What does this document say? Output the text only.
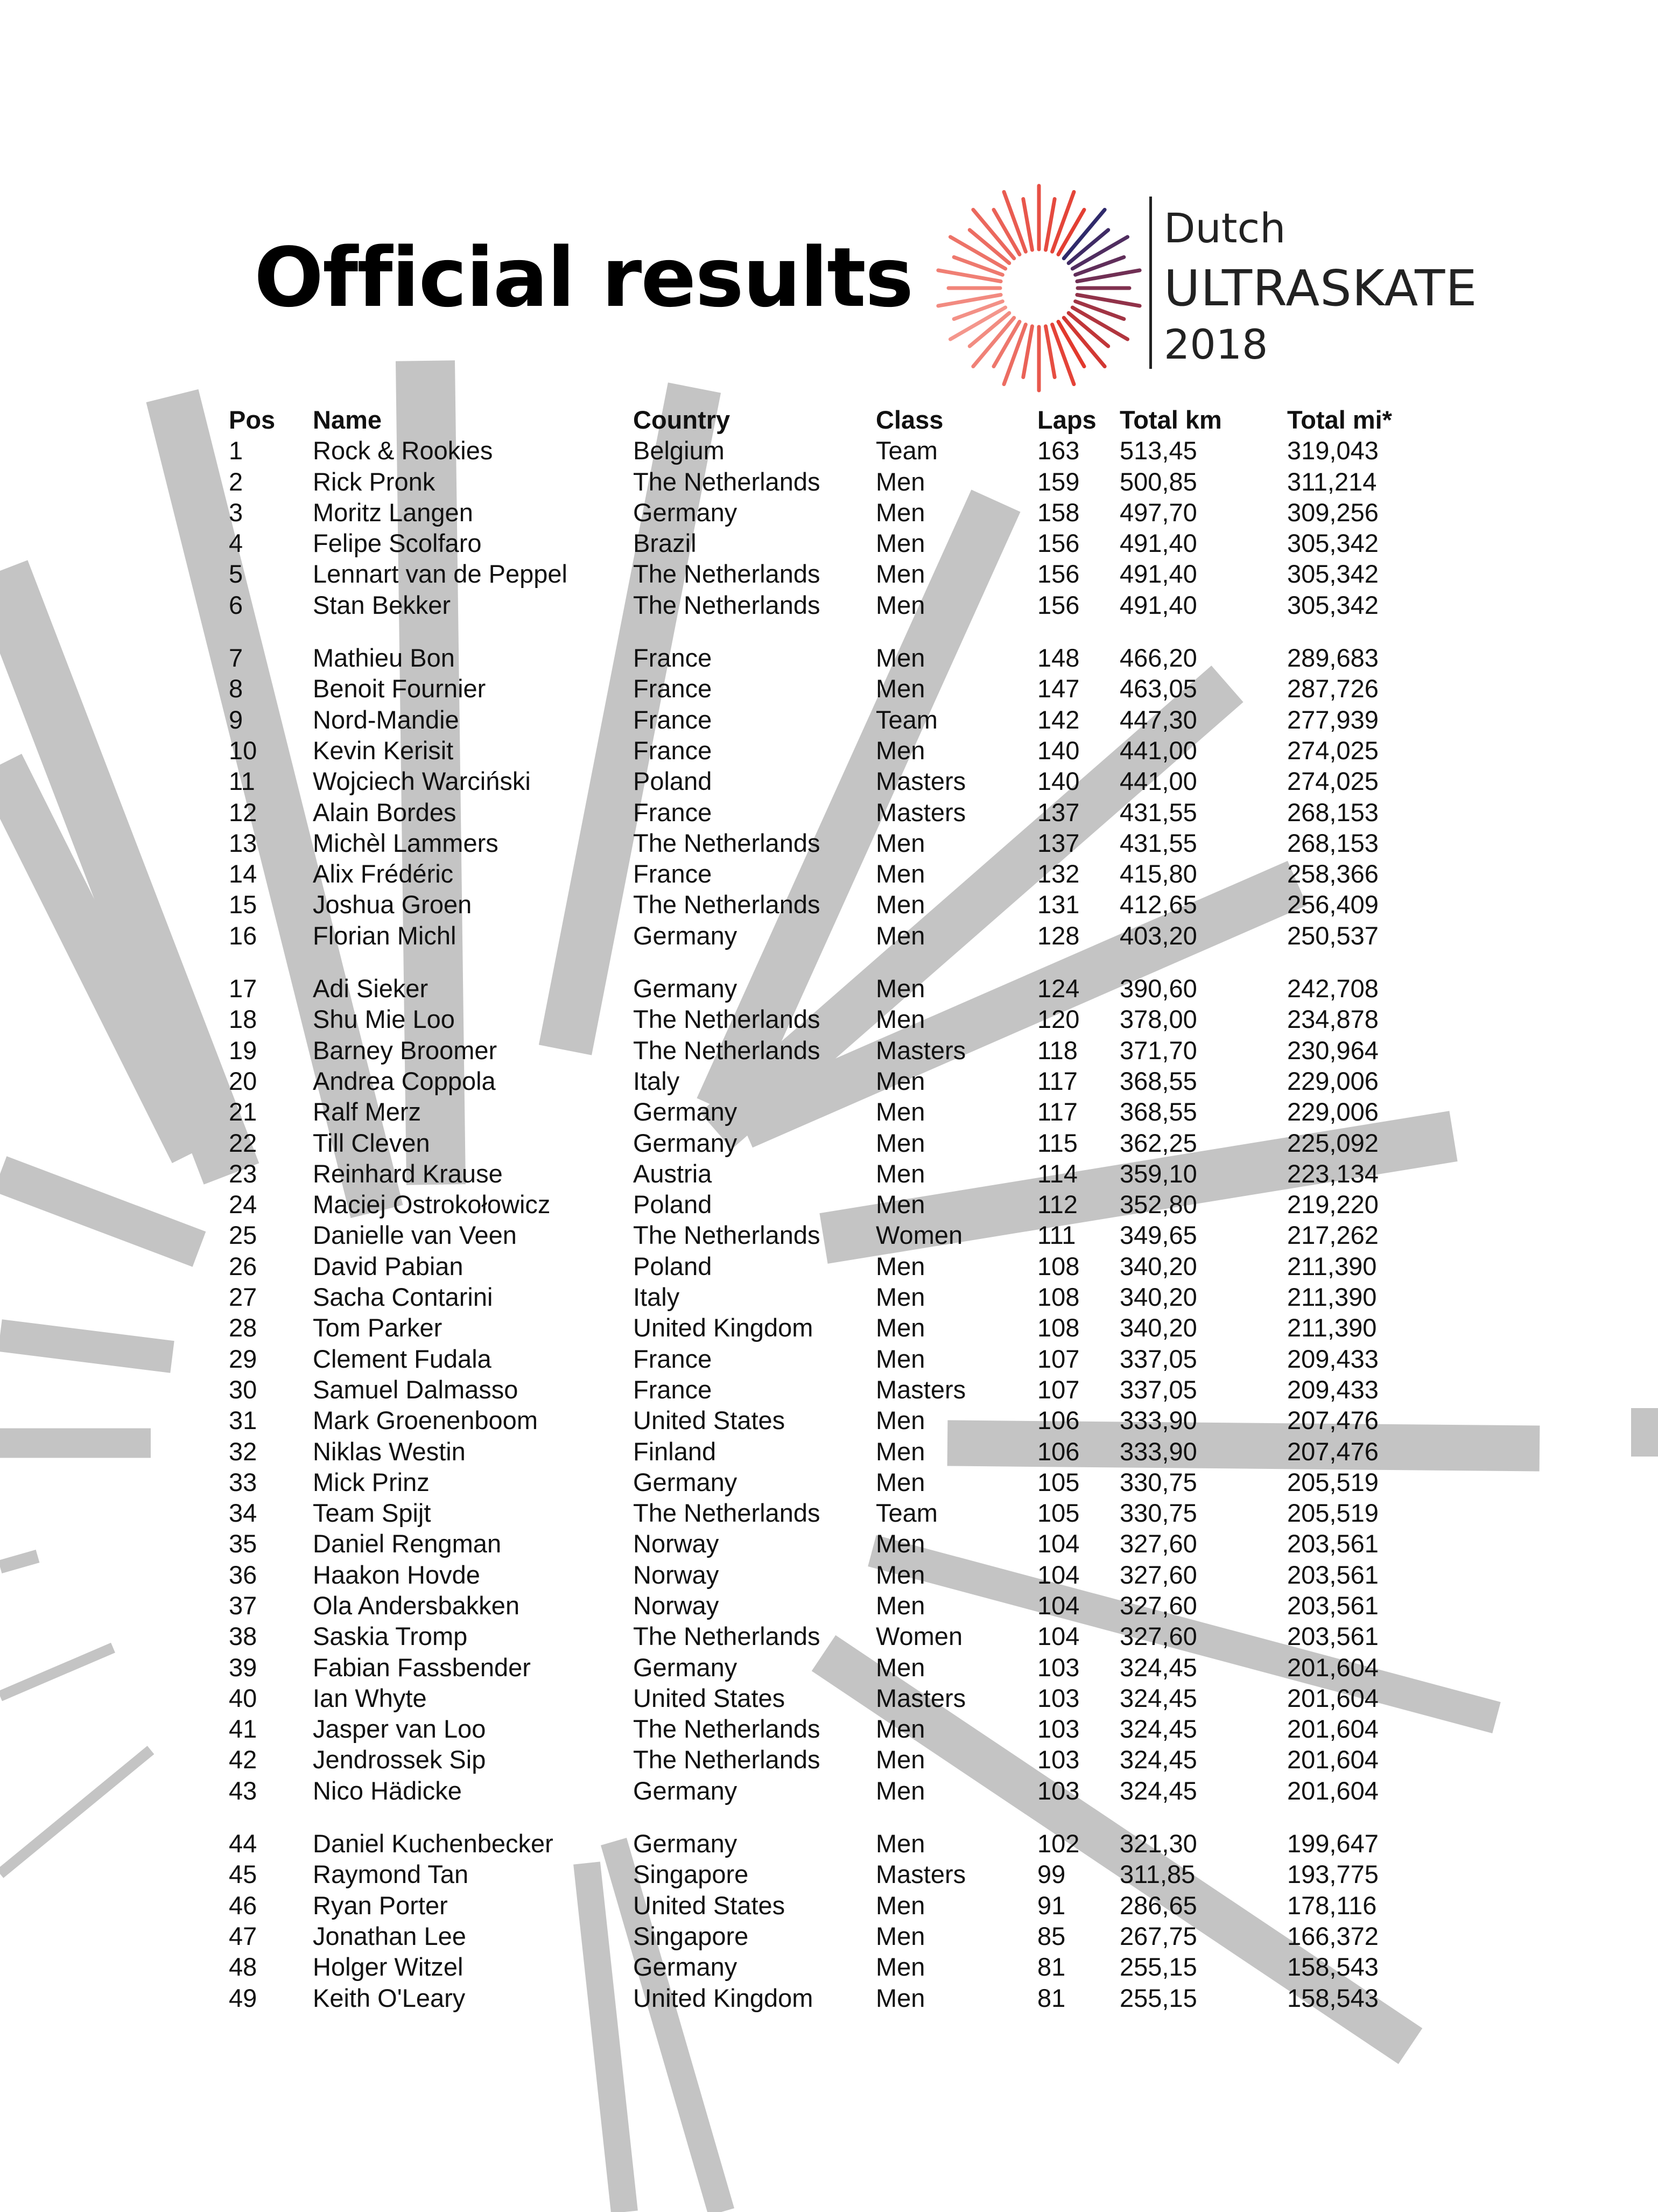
Official results
Dutch
ULTRASKATE
2018
Pos Name	Country	Class	Laps Total km	Total mi*
1	Rock & Rookies	Belgium	Team	163 513,45	319,043
2	Rick Pronk	The Netherlands Men	159 500,85	311,214
3	Moritz Langen	Germany	Men	158 497,70	309,256
4	Felipe Scolfaro	Brazil	Men	156 491,40	305,342
5	Lennart van de Peppel	The Netherlands Men	156 491,40	305,342
6	Stan Bekker	The Netherlands Men	156 491,40	305,342
7	Mathieu Bon	France	Men	148 466,20	289,683
8	Benoit Fournier	France	Men	147 463,05	287,726
9	Nord-Mandie	France	Team	142 447,30	277,939
10 Kevin Kerisit	France	Men	140 441,00	274,025
11 Wojciech Warciński	Poland	Masters	140 441,00	274,025
12 Alain Bordes	France	Masters	137 431,55	268,153
13 Michèl Lammers	The Netherlands Men	137 431,55	268,153
14 Alix Frédéric	France	Men	132 415,80	258,366
15 Joshua Groen	The Netherlands Men	131 412,65	256,409
16 Florian Michl	Germany	Men	128 403,20	250,537
17 Adi Sieker	Germany	Men	124 390,60	242,708
18 Shu Mie Loo	The Netherlands Men	120 378,00	234,878
19 Barney Broomer	The Netherlands Masters	118 371,70	230,964
20 Andrea Coppola	Italy	Men	117 368,55	229,006
21 Ralf Merz	Germany	Men	117 368,55	229,006
22 Till Cleven	Germany	Men	115 362,25	225,092
23 Reinhard Krause	Austria	Men	114 359,10	223,134
24 Maciej Ostrokołowicz	Poland	Men	112 352,80	219,220
25 Danielle van Veen	The Netherlands Women	111 349,65	217,262
26 David Pabian	Poland	Men	108 340,20	211,390
27 Sacha Contarini	Italy	Men	108 340,20	211,390
28 Tom Parker	United Kingdom Men	108 340,20	211,390
29 Clement Fudala	France	Men	107 337,05	209,433
30 Samuel Dalmasso	France	Masters	107 337,05	209,433
31 Mark Groenenboom	United States	Men	106 333,90	207,476
32 Niklas Westin	Finland	Men	106 333,90	207,476
33 Mick Prinz	Germany	Men	105 330,75	205,519
34 Team Spijt	The Netherlands Team	105 330,75	205,519
35 Daniel Rengman	Norway	Men	104 327,60	203,561
36 Haakon Hovde	Norway	Men	104 327,60	203,561
37 Ola Andersbakken	Norway	Men	104 327,60	203,561
38 Saskia Tromp	The Netherlands Women	104 327,60	203,561
39 Fabian Fassbender	Germany	Men	103 324,45	201,604
40 Ian Whyte	United States	Masters	103 324,45	201,604
41 Jasper van Loo	The Netherlands Men	103 324,45	201,604
42 Jendrossek Sip	The Netherlands Men	103 324,45	201,604
43 Nico Hädicke	Germany	Men	103 324,45	201,604
44 Daniel Kuchenbecker	Germany	Men	102 321,30	199,647
45 Raymond Tan	Singapore	Masters	99 311,85	193,775
46 Ryan Porter	United States	Men	91 286,65	178,116
47 Jonathan Lee	Singapore	Men	85 267,75	166,372
48 Holger Witzel	Germany	Men	81 255,15	158,543
49 Keith O'Leary	United Kingdom Men	81 255,15	158,543
